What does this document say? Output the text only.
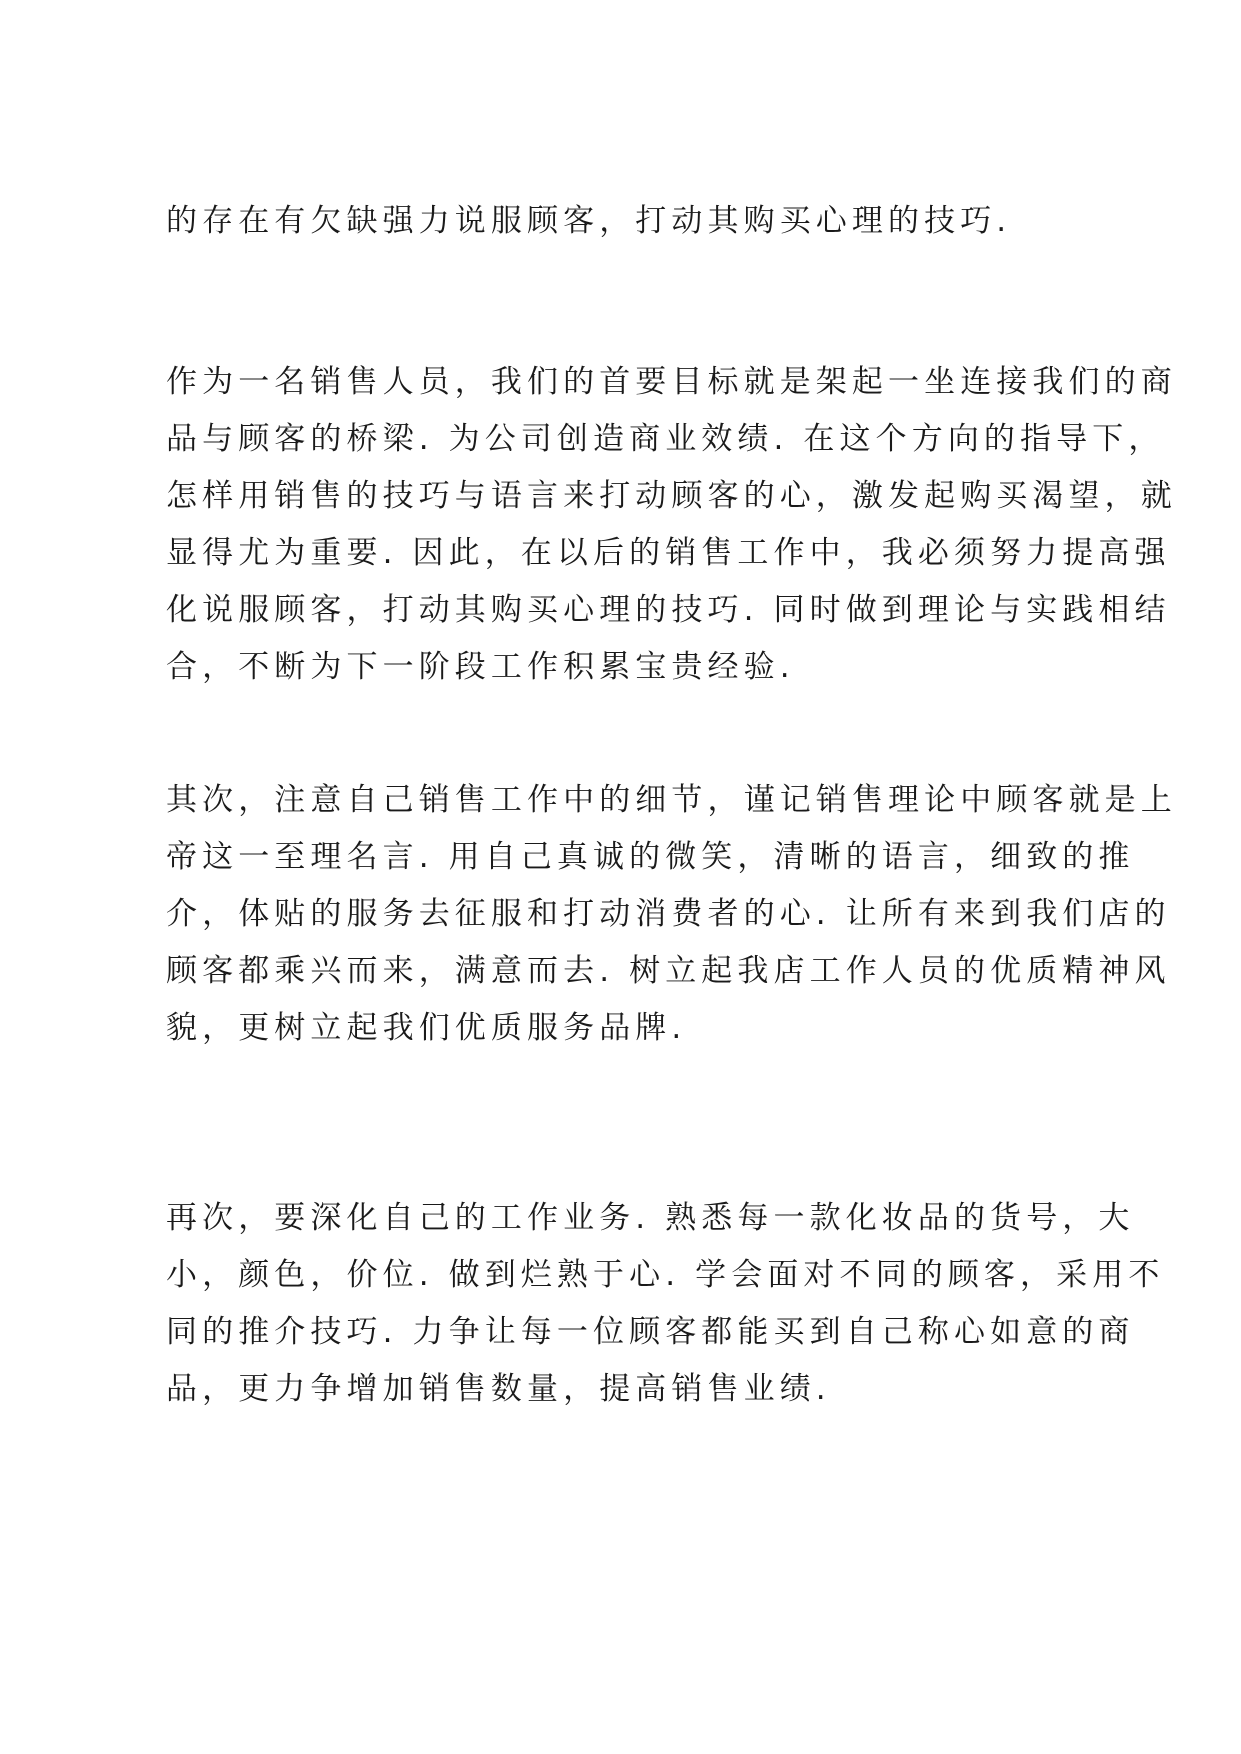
的存在有欠缺强力说服顾客，打动其购买心理的技巧.
作为一名销售人员，我们的首要目标就是架起一坐连接我们的商
品与顾客的桥梁. 为公司创造商业效绩. 在这个方向的指导下，
怎样用销售的技巧与语言来打动顾客的心，激发起购买渴望，就
显得尤为重要. 因此，在以后的销售工作中，我必须努力提高强
化说服顾客，打动其购买心理的技巧. 同时做到理论与实践相结
合，不断为下一阶段工作积累宝贵经验.
其次，注意自己销售工作中的细节，谨记销售理论中顾客就是上
帝这一至理名言. 用自己真诚的微笑，清晰的语言，细致的推
介，体贴的服务去征服和打动消费者的心. 让所有来到我们店的
顾客都乘兴而来，满意而去. 树立起我店工作人员的优质精神风
貌，更树立起我们优质服务品牌.
再次，要深化自己的工作业务. 熟悉每一款化妆品的货号，大
小，颜色，价位. 做到烂熟于心. 学会面对不同的顾客，采用不
同的推介技巧. 力争让每一位顾客都能买到自己称心如意的商
品，更力争增加销售数量，提高销售业绩.
